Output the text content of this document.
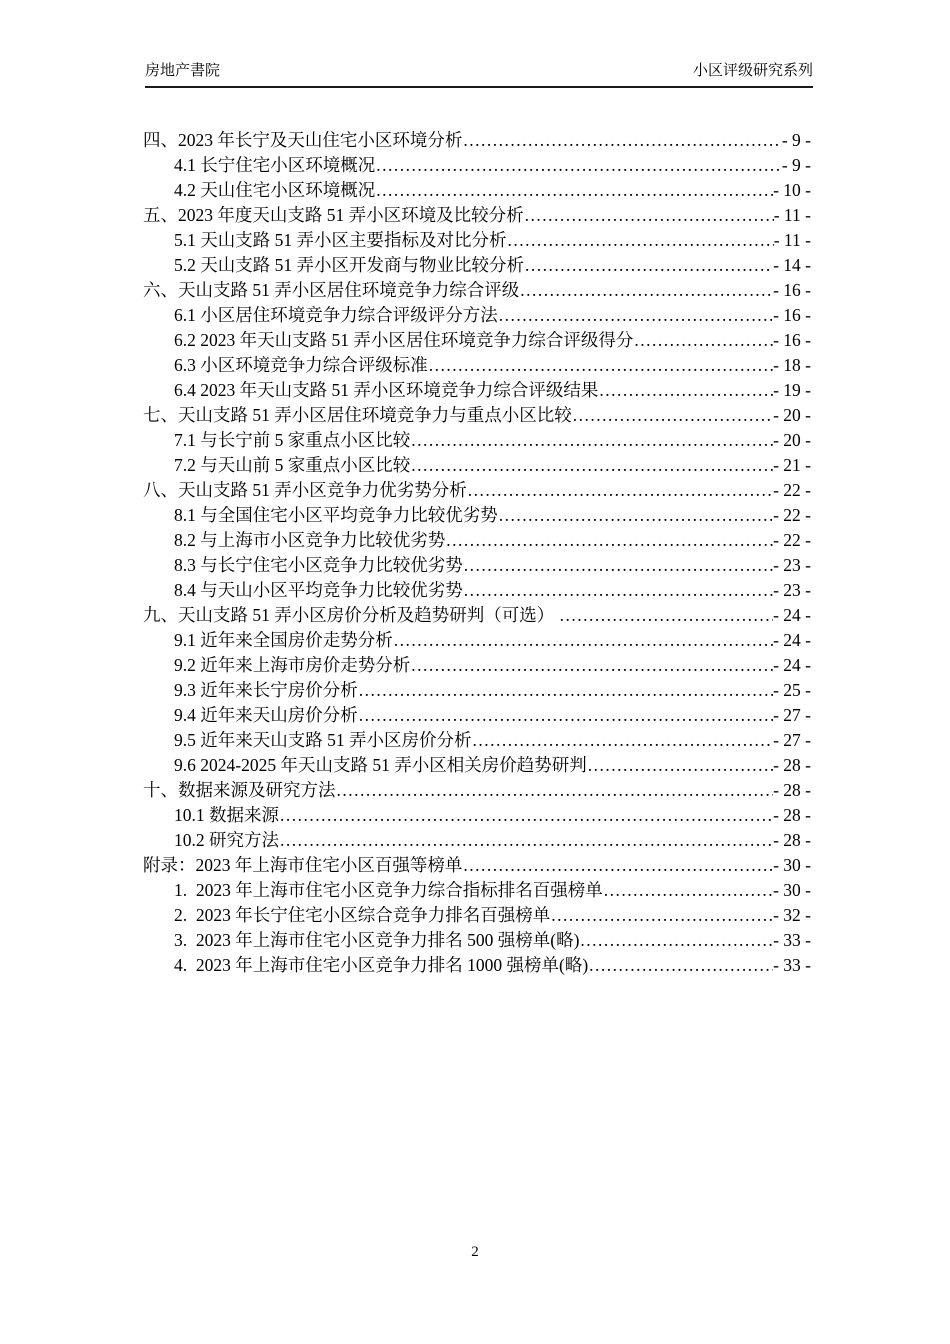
房地产書院	小区评级研究系列
四、2023 年长宁及天山住宅小区环境分析 .....	- 9 -
4.1 长宁住宅小区环境概况 .....	- 9 -
4.2 天山住宅小区环境概况 .....	- 10 -
五、2023 年度天山支路 51 弄小区环境及比较分析 .....	- 11 -
5.1 天山支路 51 弄小区主要指标及对比分析 .....	- 11 -
5.2 天山支路 51 弄小区开发商与物业比较分析 .....	- 14 -
六、天山支路 51 弄小区居住环境竞争力综合评级 .....	- 16 -
6.1 小区居住环境竞争力综合评级评分方法 .....	- 16 -
6.2 2023 年天山支路 51 弄小区居住环境竞争力综合评级得分 .....	- 16 -
6.3 小区环境竞争力综合评级标准 .....	- 18 -
6.4 2023 年天山支路 51 弄小区环境竞争力综合评级结果 .....	- 19 -
七、天山支路 51 弄小区居住环境竞争力与重点小区比较 .....	- 20 -
7.1 与长宁前 5 家重点小区比较 .....	- 20 -
7.2 与天山前 5 家重点小区比较 .....	- 21 -
八、天山支路 51 弄小区竞争力优劣势分析 .....	- 22 -
8.1 与全国住宅小区平均竞争力比较优劣势 .....	- 22 -
8.2 与上海市小区竞争力比较优劣势 .....	- 22 -
8.3 与长宁住宅小区竞争力比较优劣势 .....	- 23 -
8.4 与天山小区平均竞争力比较优劣势 .....	- 23 -
九、天山支路 51 弄小区房价分析及趋势研判（可选） .....	- 24 -
9.1 近年来全国房价走势分析 .....	- 24 -
9.2 近年来上海市房价走势分析 .....	- 24 -
9.3 近年来长宁房价分析 .....	- 25 -
9.4 近年来天山房价分析 .....	- 27 -
9.5 近年来天山支路 51 弄小区房价分析 .....	- 27 -
9.6 2024-2025 年天山支路 51 弄小区相关房价趋势研判 .....	- 28 -
十、数据来源及研究方法 .....	- 28 -
10.1 数据来源 .....	- 28 -
10.2 研究方法 .....	- 28 -
附录：2023 年上海市住宅小区百强等榜单 .....	- 30 -
1.  2023 年上海市住宅小区竞争力综合指标排名百强榜单 .....	- 30 -
2.  2023 年长宁住宅小区综合竞争力排名百强榜单 .....	- 32 -
3.  2023 年上海市住宅小区竞争力排名 500 强榜单(略) .....	- 33 -
4.  2023 年上海市住宅小区竞争力排名 1000 强榜单(略) .....	- 33 -
2
